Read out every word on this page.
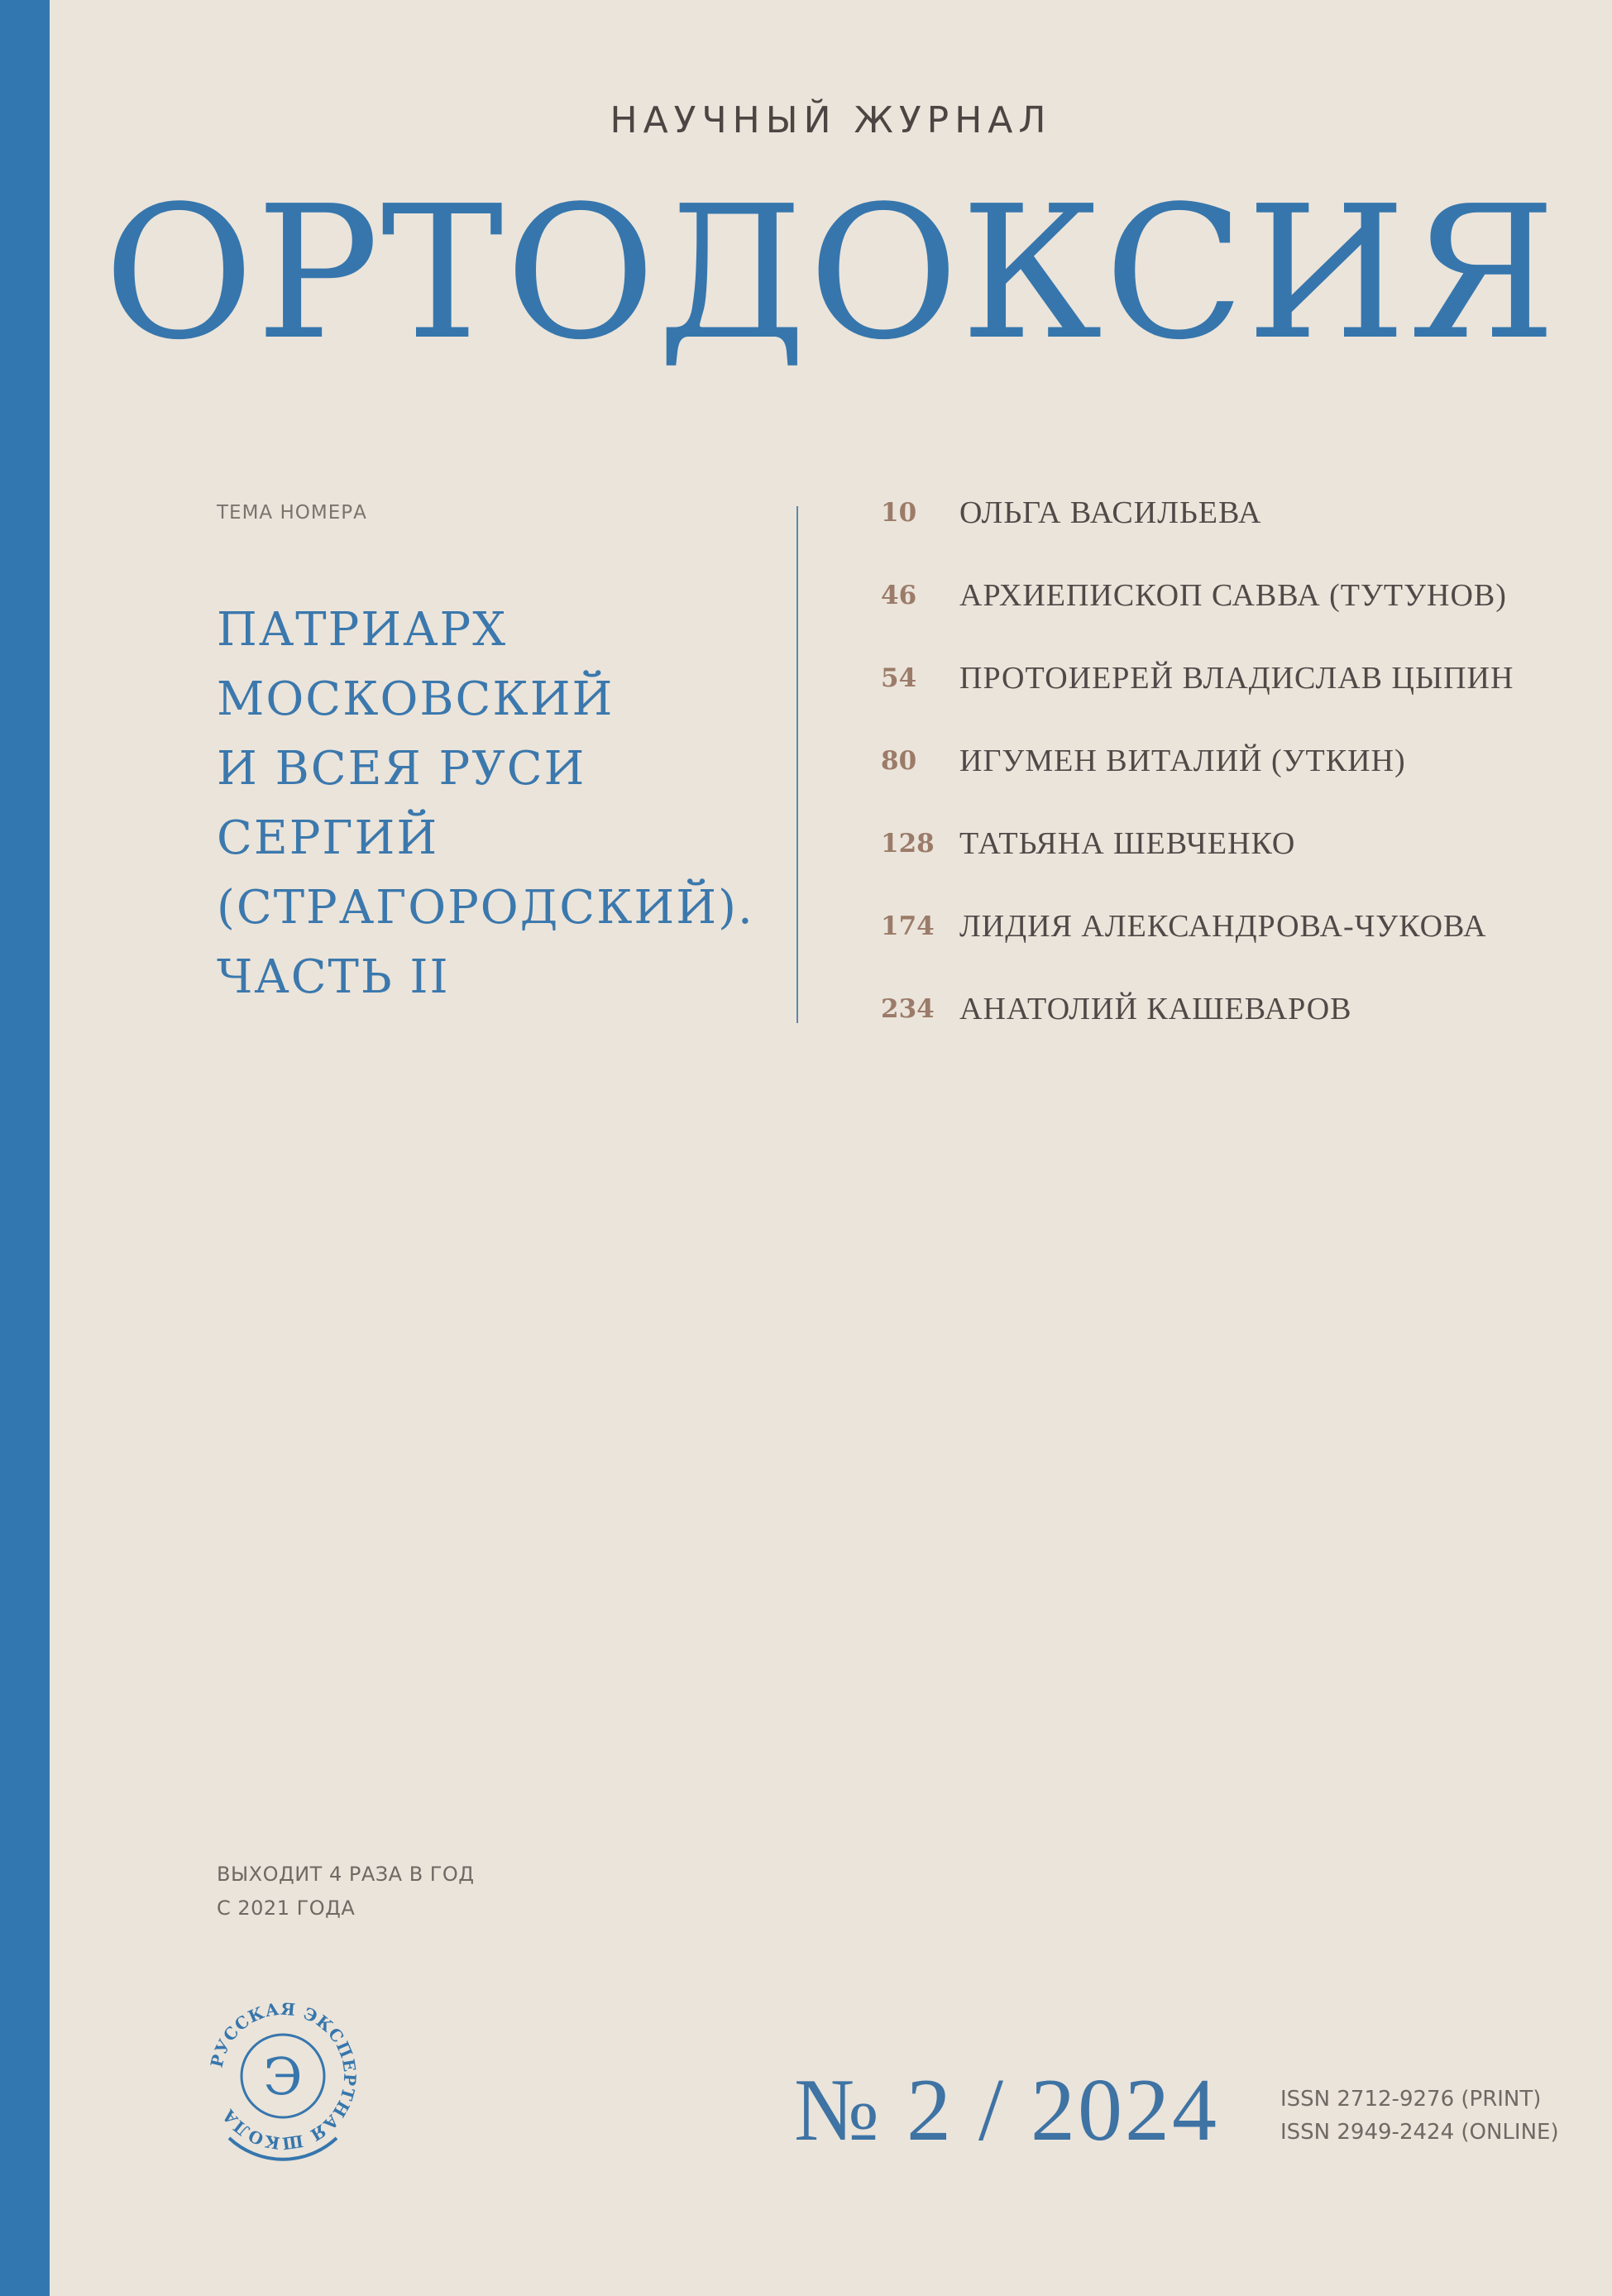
НАУЧНЫЙ ЖУРНАЛ
ОРТОДОКСИЯ
ТЕМА НОМЕРА
ПАТРИАРХ
МОСКОВСКИЙ
И ВСЕЯ РУСИ
СЕРГИЙ
(СТРАГОРОДСКИЙ).
ЧАСТЬ II
10	ОЛЬГА ВАСИЛЬЕВА
46	АРХИЕПИСКОП САВВА (ТУТУНОВ)
54	ПРОТОИЕРЕЙ ВЛАДИСЛАВ ЦЫПИН
80	ИГУМЕН ВИТАЛИЙ (УТКИН)
128 ТАТЬЯНА ШЕВЧЕНКО
174 ЛИДИЯ АЛЕКСАНДРОВА-ЧУКОВА
234 АНАТОЛИЙ КАШЕВАРОВ
ВЫХОДИТ 4 РАЗА В ГОД
С 2021 ГОДА
РУССКАЯ ЭКСПЕРТНАЯ ШКОЛА
Э	№ 2 / 2024	ISSN 2712-9276 (PRINT)
ISSN 2949-2424 (ONLINE)
